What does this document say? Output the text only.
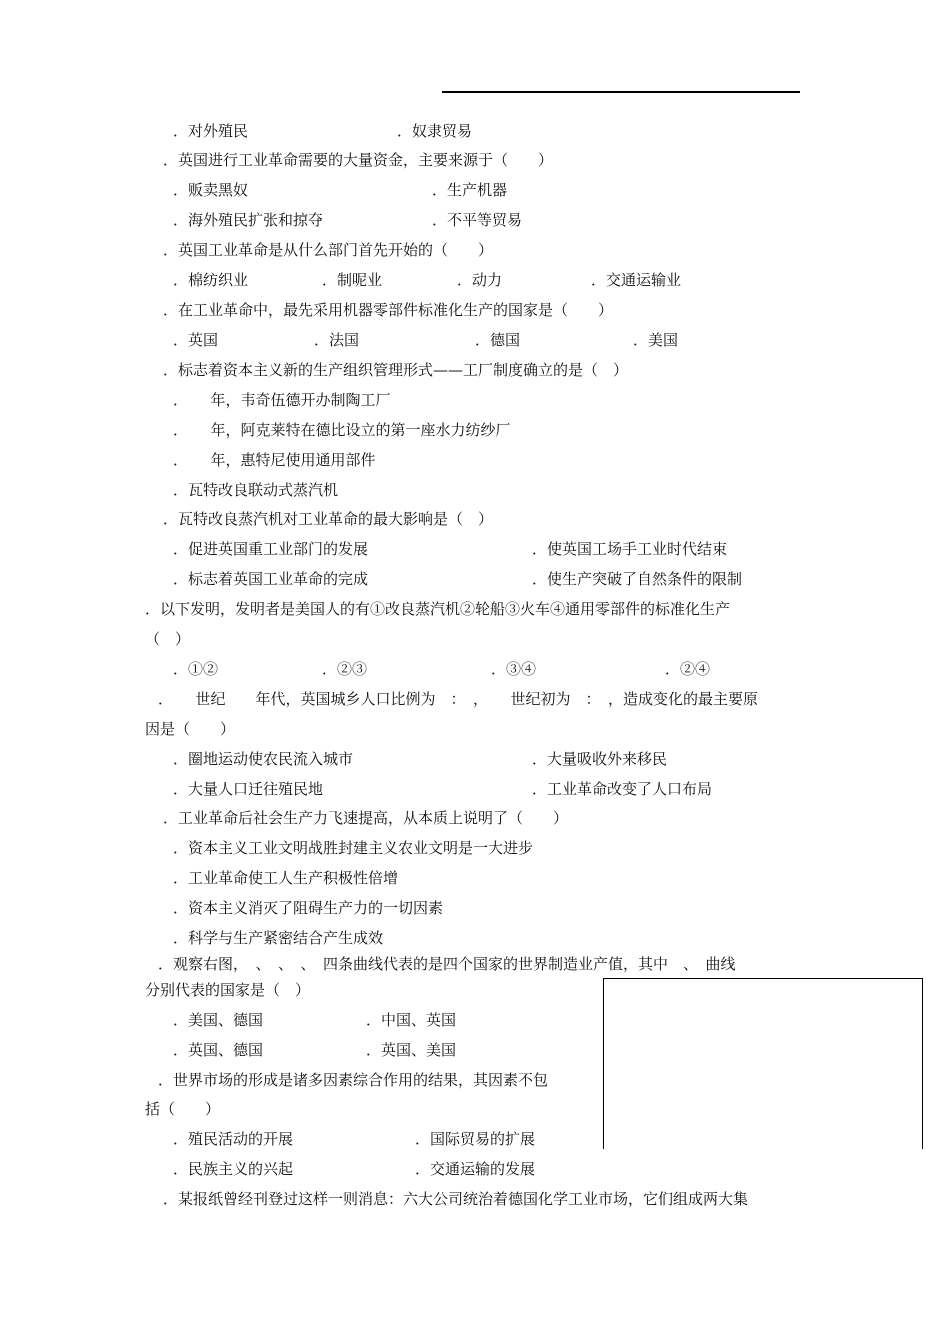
．对外殖民	．奴隶贸易
．英国进行工业革命需要的大量资金，主要来源于（　　）
．贩卖黑奴	．生产机器
．海外殖民扩张和掠夺	．不平等贸易
．英国工业革命是从什么部门首先开始的（　　）
．棉纺织业	．制呢业	．动力	．交通运输业
．在工业革命中，最先采用机器零部件标准化生产的国家是（　　）
．英国	．法国	．德国	．美国
．标志着资本主义新的生产组织管理形式——工厂制度确立的是（　）
．　　年，韦奇伍德开办制陶工厂
．　　年，阿克莱特在德比设立的第一座水力纺纱厂
．　　年，惠特尼使用通用部件
．瓦特改良联动式蒸汽机
．瓦特改良蒸汽机对工业革命的最大影响是（　）
．促进英国重工业部门的发展	．使英国工场手工业时代结束
．标志着英国工业革命的完成	．使生产突破了自然条件的限制
．以下发明，发明者是美国人的有①改良蒸汽机②轮船③火车④通用零部件的标准化生产
（　）
．①②	．②③	．③④	．②④
．　　世纪　　年代，英国城乡人口比例为　：　，　　世纪初为　：　，造成变化的最主要原
因是（　　）
．圈地运动使农民流入城市	．大量吸收外来移民
．大量人口迁往殖民地	．工业革命改变了人口布局
．工业革命后社会生产力飞速提高，从本质上说明了（　　）
．资本主义工业文明战胜封建主义农业文明是一大进步
．工业革命使工人生产积极性倍增
．资本主义消灭了阻碍生产力的一切因素
．科学与生产紧密结合产生成效
．观察右图，　、　、　、　四条曲线代表的是四个国家的世界制造业产值，其中　、　曲线
分别代表的国家是（　）
．美国、德国	．中国、英国
．英国、德国	．英国、美国
．世界市场的形成是诸多因素综合作用的结果，其因素不包
括（　　）
．殖民活动的开展	．国际贸易的扩展
．民族主义的兴起	．交通运输的发展
．某报纸曾经刊登过这样一则消息：六大公司统治着德国化学工业市场，它们组成两大集
